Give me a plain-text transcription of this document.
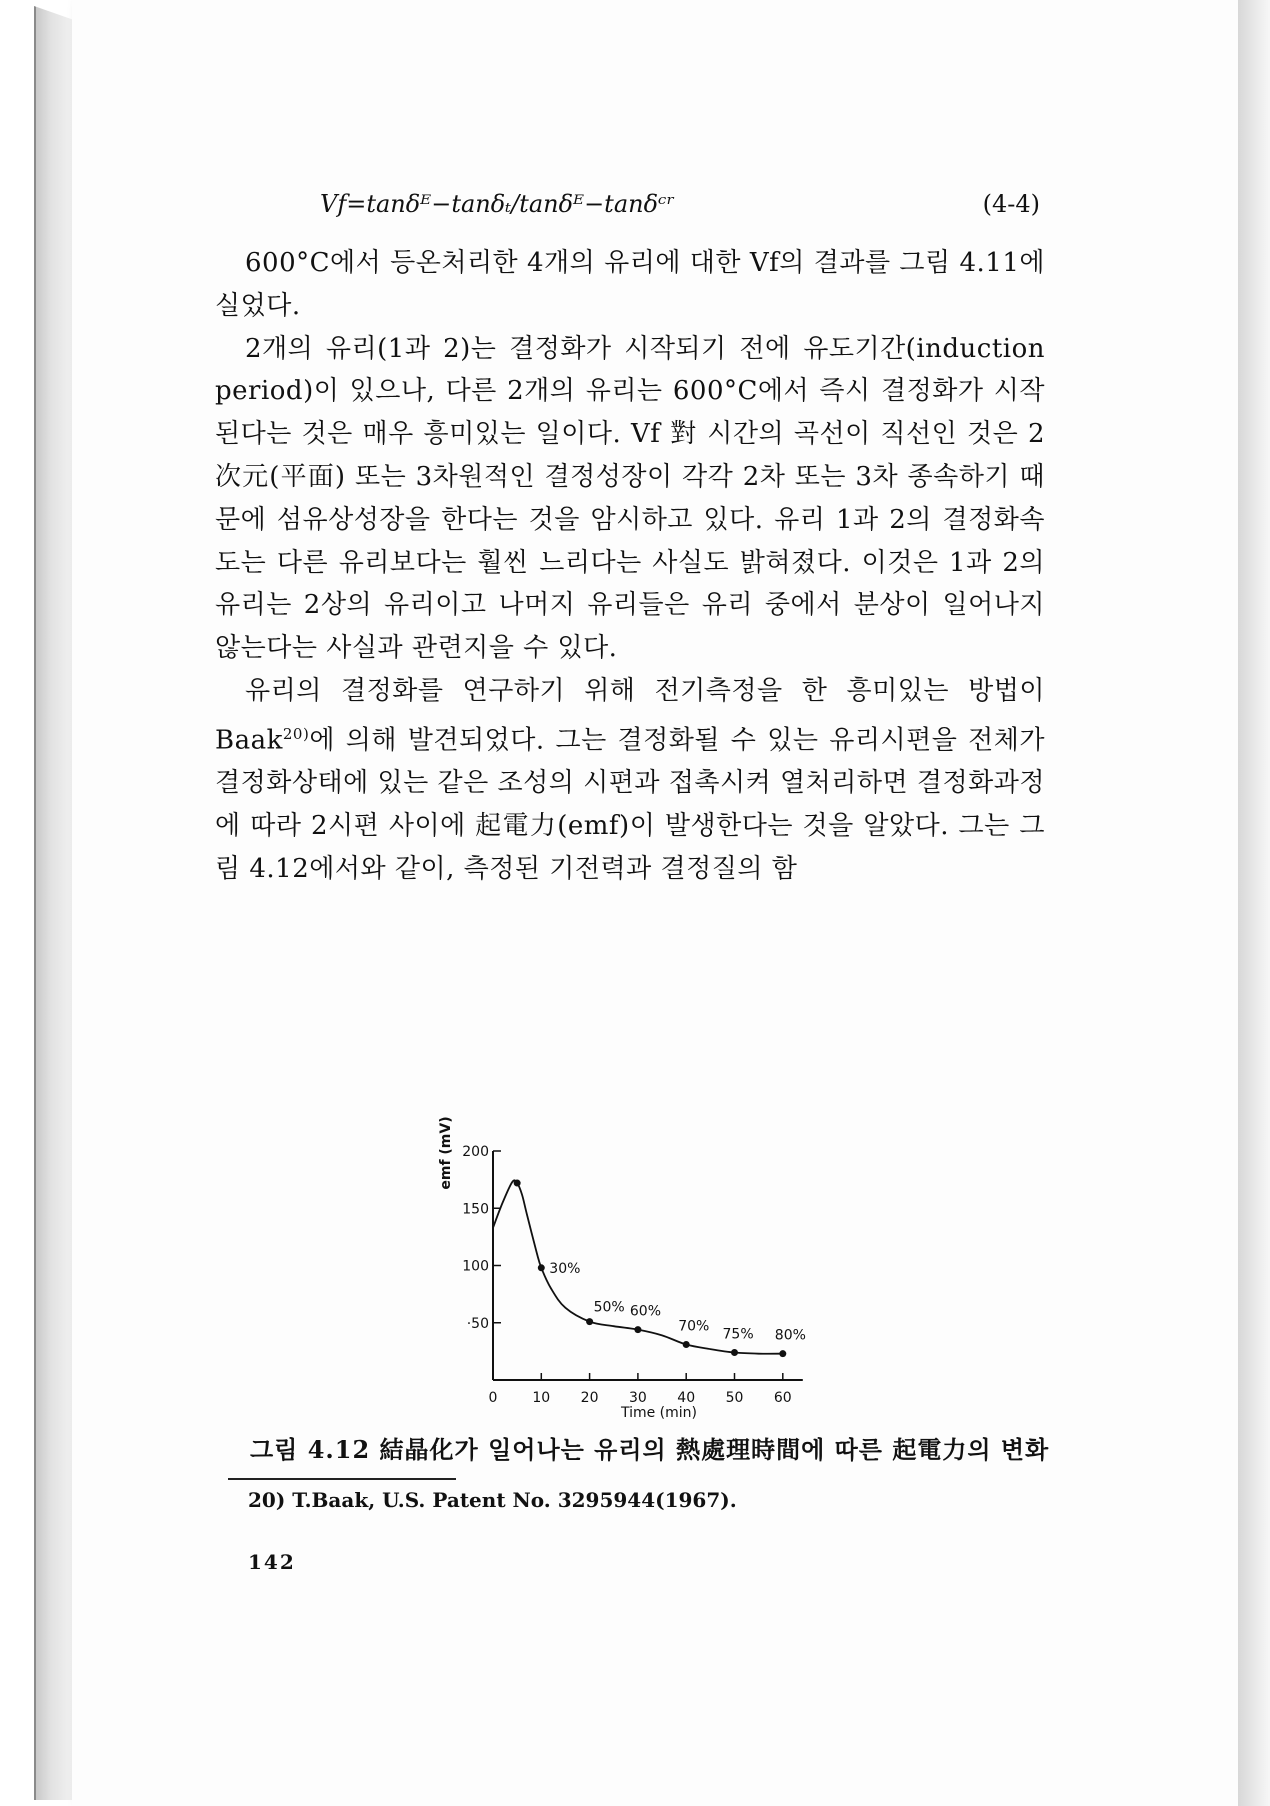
Vf=tanδᴱ−tanδₜ/tanδᴱ−tanδᶜʳ	(4-4)

600°C에서 등온처리한 4개의 유리에 대한 Vf의 결과를 그림 4.11에 실었다.

2개의 유리(1과 2)는 결정화가 시작되기 전에 유도기간(induction period)이 있으나, 다른 2개의 유리는 600°C에서 즉시 결정화가 시작된다는 것은 매우 흥미있는 일이다. Vf 對 시간의 곡선이 직선인 것은 2次元(平面) 또는 3차원적인 결정성장이 각각 2차 또는 3차 종속하기 때문에 섬유상성장을 한다는 것을 암시하고 있다. 유리 1과 2의 결정화속도는 다른 유리보다는 훨씬 느리다는 사실도 밝혀졌다. 이것은 1과 2의 유리는 2상의 유리이고 나머지 유리들은 유리 중에서 분상이 일어나지 않는다는 사실과 관련지을 수 있다.

유리의 결정화를 연구하기 위해 전기측정을 한 흥미있는 방법이 Baak$^{20)}$에 의해 발견되었다. 그는 결정화될 수 있는 유리시편을 전체가 결정화상태에 있는 같은 조성의 시편과 접촉시켜 열처리하면 결정화과정에 따라 2시편 사이에 起電力(emf)이 발생한다는 것을 알았다. 그는 그림 4.12에서와 같이, 측정된 기전력과 결정질의 함

0 10 20 30 40 50 60
200
150
100
·50
30%
50% 60%
70%
75% 80%
emf (mV)
Time (min)
그림 4.12 結晶化가 일어나는 유리의 熱處理時間에 따른 起電力의 변화
20) T.Baak, U.S. Patent No. 3295944(1967).
142
